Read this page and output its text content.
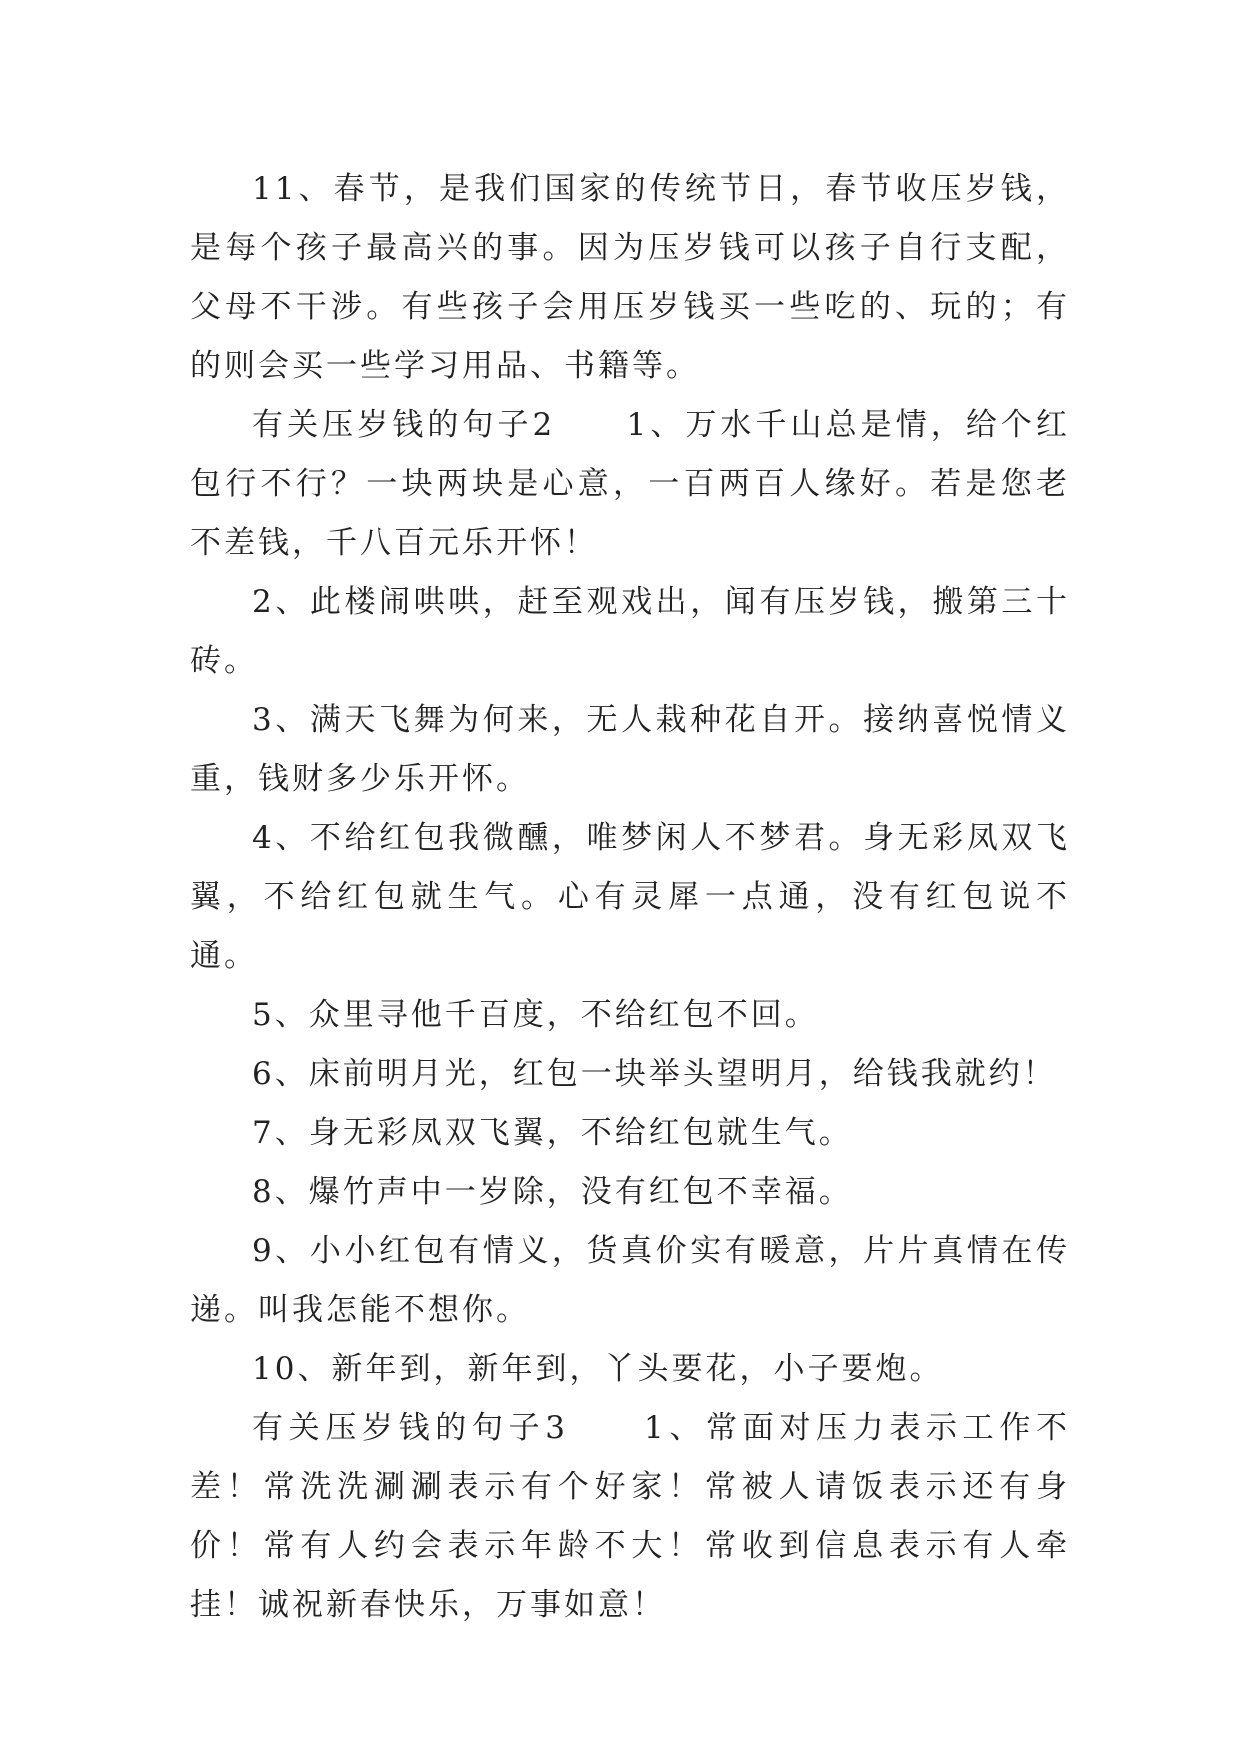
11、春节，是我们国家的传统节日，春节收压岁钱，是每个孩子最高兴的事。因为压岁钱可以孩子自行支配，父母不干涉。有些孩子会用压岁钱买一些吃的、玩的；有的则会买一些学习用品、书籍等。

有关压岁钱的句子2　　1、万水千山总是情，给个红包行不行？一块两块是心意，一百两百人缘好。若是您老不差钱，千八百元乐开怀！

2、此楼闹哄哄，赶至观戏出，闻有压岁钱，搬第三十砖。

3、满天飞舞为何来，无人栽种花自开。接纳喜悦情义重，钱财多少乐开怀。

4、不给红包我微醺，唯梦闲人不梦君。身无彩凤双飞翼，不给红包就生气。心有灵犀一点通，没有红包说不通。

5、众里寻他千百度，不给红包不回。

6、床前明月光，红包一块举头望明月，给钱我就约！

7、身无彩凤双飞翼，不给红包就生气。

8、爆竹声中一岁除，没有红包不幸福。

9、小小红包有情义，货真价实有暖意，片片真情在传递。叫我怎能不想你。

10、新年到，新年到，丫头要花，小子要炮。

有关压岁钱的句子3　　1、常面对压力表示工作不差！常洗洗涮涮表示有个好家！常被人请饭表示还有身价！常有人约会表示年龄不大！常收到信息表示有人牵挂！诚祝新春快乐，万事如意！
